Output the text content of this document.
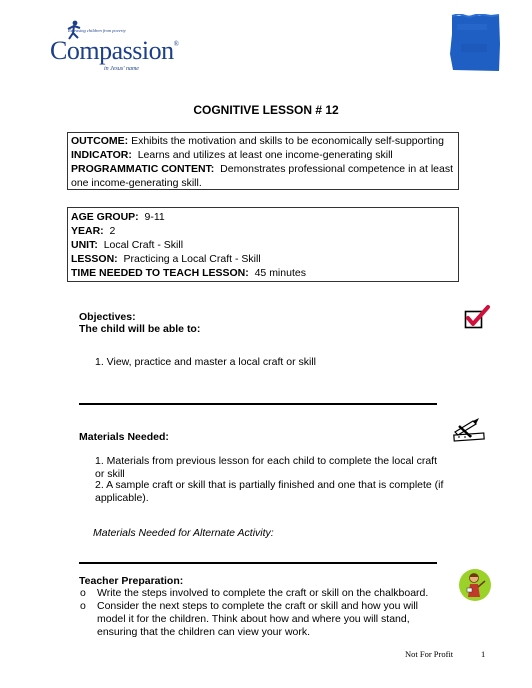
Releasing children from poverty
Compassion®
in Jesus' name
COGNITIVE LESSON # 12
OUTCOME: Exhibits the motivation and skills to be economically self-supporting
INDICATOR: Learns and utilizes at least one income-generating skill
PROGRAMMATIC CONTENT: Demonstrates professional competence in at least one income-generating skill.
AGE GROUP: 9-11
YEAR: 2
UNIT: Local Craft - Skill
LESSON: Practicing a Local Craft - Skill
TIME NEEDED TO TEACH LESSON: 45 minutes
Objectives:
The child will be able to:
1. View, practice and master a local craft or skill
Materials Needed:
1. Materials from previous lesson for each child to complete the local craft or skill
2. A sample craft or skill that is partially finished and one that is complete (if applicable).
Materials Needed for Alternate Activity:
Teacher Preparation:
o Write the steps involved to complete the craft or skill on the chalkboard.
o Consider the next steps to complete the craft or skill and how you will model it for the children. Think about how and where you will stand, ensuring that the children can view your work.
Not For Profit	1
